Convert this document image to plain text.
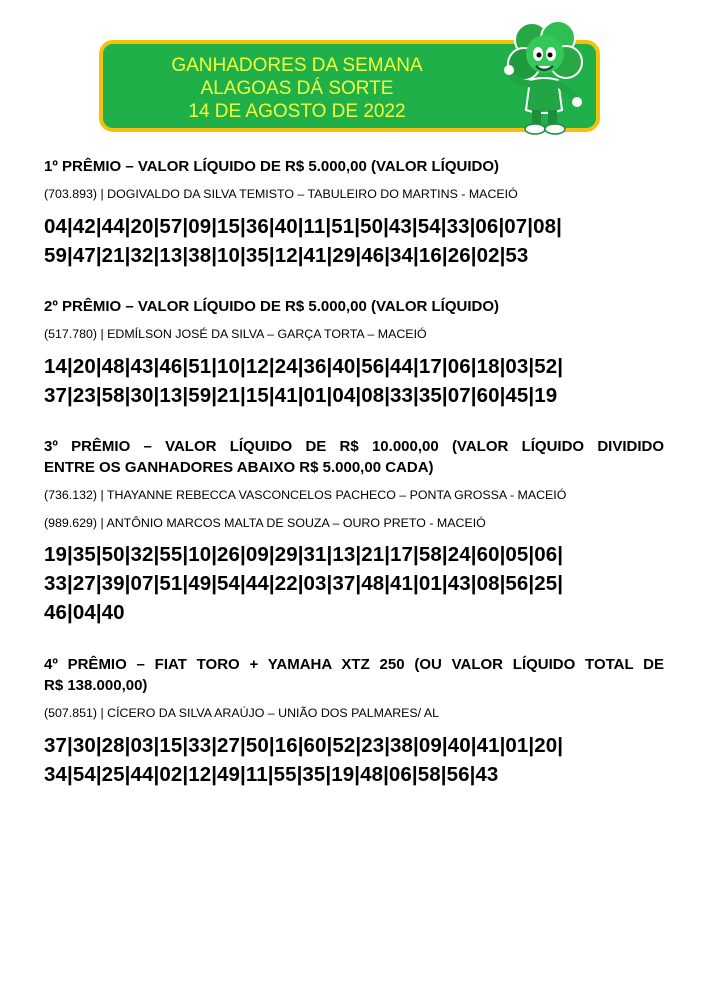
GANHADORES DA SEMANA
ALAGOAS DÁ SORTE
14 DE AGOSTO DE 2022

1º PRÊMIO – VALOR LÍQUIDO DE R$ 5.000,00 (VALOR LÍQUIDO)

(703.893) | DOGIVALDO DA SILVA TEMISTO – TABULEIRO DO MARTINS - MACEIÓ

04|42|44|20|57|09|15|36|40|11|51|50|43|54|33|06|07|08|

59|47|21|32|13|38|10|35|12|41|29|46|34|16|26|02|53

2º PRÊMIO – VALOR LÍQUIDO DE R$ 5.000,00 (VALOR LÍQUIDO)

(517.780) | EDMÍLSON JOSÉ DA SILVA – GARÇA TORTA – MACEIÓ

14|20|48|43|46|51|10|12|24|36|40|56|44|17|06|18|03|52|

37|23|58|30|13|59|21|15|41|01|04|08|33|35|07|60|45|19

3º PRÊMIO – VALOR LÍQUIDO DE R$ 10.000,00 (VALOR LÍQUIDO DIVIDIDO

ENTRE OS GANHADORES ABAIXO R$ 5.000,00 CADA)

(736.132) | THAYANNE REBECCA VASCONCELOS PACHECO – PONTA GROSSA - MACEIÓ

(989.629) | ANTÔNIO MARCOS MALTA DE SOUZA – OURO PRETO - MACEIÓ

19|35|50|32|55|10|26|09|29|31|13|21|17|58|24|60|05|06|

33|27|39|07|51|49|54|44|22|03|37|48|41|01|43|08|56|25|

46|04|40

4º PRÊMIO – FIAT TORO + YAMAHA XTZ 250 (OU VALOR LÍQUIDO TOTAL DE

R$ 138.000,00)

(507.851) | CÍCERO DA SILVA ARAÚJO – UNIÃO DOS PALMARES/ AL

37|30|28|03|15|33|27|50|16|60|52|23|38|09|40|41|01|20|

34|54|25|44|02|12|49|11|55|35|19|48|06|58|56|43
